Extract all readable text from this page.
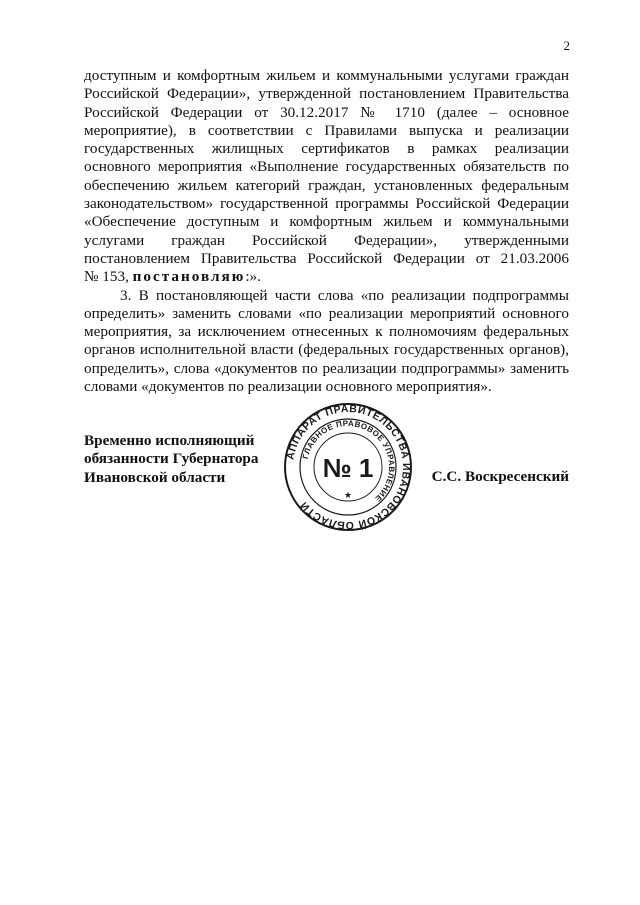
2

доступным и комфортным жильем и коммунальными услугами граждан

Российской Федерации», утвержденной постановлением Правительства

Российской Федерации от 30.12.2017 № 1710 (далее – основное

мероприятие), в соответствии с Правилами выпуска и реализации

государственных жилищных сертификатов в рамках реализации

основного мероприятия «Выполнение государственных обязательств по

обеспечению жильем категорий граждан, установленных федеральным

законодательством» государственной программы Российской Федерации

«Обеспечение доступным и комфортным жильем и коммунальными

услугами граждан Российской Федерации», утвержденными

постановлением Правительства Российской Федерации от 21.03.2006

№ 153, постановляю:».

3. В постановляющей части слова «по реализации подпрограммы

определить» заменить словами «по реализации мероприятий основного

мероприятия, за исключением отнесенных к полномочиям федеральных

органов исполнительной власти (федеральных государственных органов),

определить», слова «документов по реализации подпрограммы» заменить

словами «документов по реализации основного мероприятия».

Временно исполняющий
обязанности Губернатора
Ивановской области
АППАРАТ ПРАВИТЕЛЬСТВА ИВАНОВСКОЙ ОБЛАСТИ
ГЛАВНОЕ ПРАВОВОЕ УПРАВЛЕНИЕ
№ 1
★
С.С. Воскресенский
